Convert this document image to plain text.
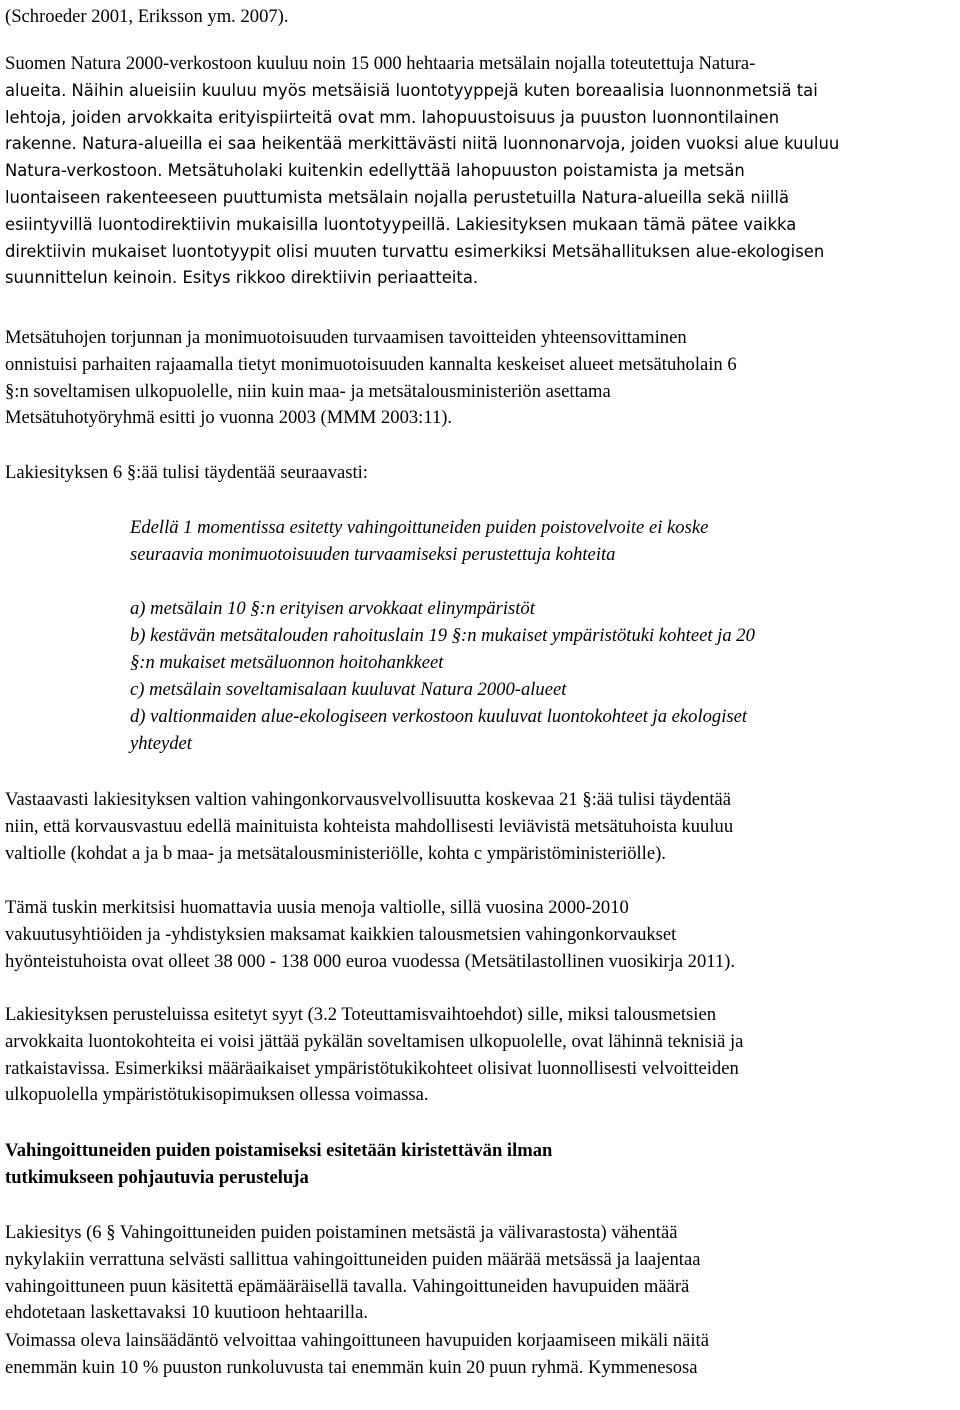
(Schroeder 2001, Eriksson ym. 2007).

Suomen Natura 2000-verkostoon kuuluu noin 15 000 hehtaaria metsälain nojalla toteutettuja Natura-
alueita. Näihin alueisiin kuuluu myös metsäisiä luontotyyppejä kuten boreaalisia luonnonmetsiä tai
lehtoja, joiden arvokkaita erityispiirteitä ovat mm. lahopuustoisuus ja puuston luonnontilainen
rakenne. Natura-alueilla ei saa heikentää merkittävästi niitä luonnonarvoja, joiden vuoksi alue kuuluu
Natura-verkostoon. Metsätuholaki kuitenkin edellyttää lahopuuston poistamista ja metsän
luontaiseen rakenteeseen puuttumista metsälain nojalla perustetuilla Natura-alueilla sekä niillä
esiintyvillä luontodirektiivin mukaisilla luontotyypeillä. Lakiesityksen mukaan tämä pätee vaikka
direktiivin mukaiset luontotyypit olisi muuten turvattu esimerkiksi Metsähallituksen alue-ekologisen
suunnittelun keinoin. Esitys rikkoo direktiivin periaatteita.

Metsätuhojen torjunnan ja monimuotoisuuden turvaamisen tavoitteiden yhteensovittaminen
onnistuisi parhaiten rajaamalla tietyt monimuotoisuuden kannalta keskeiset alueet metsätuholain 6
§:n soveltamisen ulkopuolelle, niin kuin maa- ja metsätalousministeriön asettama
Metsätuhotyöryhmä esitti jo vuonna 2003 (MMM 2003:11).

Lakiesityksen 6 §:ää tulisi täydentää seuraavasti:

Edellä 1 momentissa esitetty vahingoittuneiden puiden poistovelvoite ei koske
seuraavia monimuotoisuuden turvaamiseksi perustettuja kohteita
a) metsälain 10 §:n erityisen arvokkaat elinympäristöt
b) kestävän metsätalouden rahoituslain 19 §:n mukaiset ympäristötuki kohteet ja 20
§:n mukaiset metsäluonnon hoitohankkeet
c) metsälain soveltamisalaan kuuluvat Natura 2000-alueet
d) valtionmaiden alue-ekologiseen verkostoon kuuluvat luontokohteet ja ekologiset
yhteydet

Vastaavasti lakiesityksen valtion vahingonkorvausvelvollisuutta koskevaa 21 §:ää tulisi täydentää
niin, että korvausvastuu edellä mainituista kohteista mahdollisesti leviävistä metsätuhoista kuuluu
valtiolle (kohdat a ja b maa- ja metsätalousministeriölle, kohta c ympäristöministeriölle).

Tämä tuskin merkitsisi huomattavia uusia menoja valtiolle, sillä vuosina 2000-2010
vakuutusyhtiöiden ja -yhdistyksien maksamat kaikkien talousmetsien vahingonkorvaukset
hyönteistuhoista ovat olleet 38 000 - 138 000 euroa vuodessa (Metsätilastollinen vuosikirja 2011).

Lakiesityksen perusteluissa esitetyt syyt (3.2 Toteuttamisvaihtoehdot) sille, miksi talousmetsien
arvokkaita luontokohteita ei voisi jättää pykälän soveltamisen ulkopuolelle, ovat lähinnä teknisiä ja
ratkaistavissa. Esimerkiksi määräaikaiset ympäristötukikohteet olisivat luonnollisesti velvoitteiden
ulkopuolella ympäristötukisopimuksen ollessa voimassa.

Vahingoittuneiden puiden poistamiseksi esitetään kiristettävän ilman
tutkimukseen pohjautuvia perusteluja

Lakiesitys (6 § Vahingoittuneiden puiden poistaminen metsästä ja välivarastosta) vähentää
nykylakiin verrattuna selvästi sallittua vahingoittuneiden puiden määrää metsässä ja laajentaa
vahingoittuneen puun käsitettä epämääräisellä tavalla. Vahingoittuneiden havupuiden määrä
ehdotetaan laskettavaksi 10 kuutioon hehtaarilla.

Voimassa oleva lainsäädäntö velvoittaa vahingoittuneen havupuiden korjaamiseen mikäli näitä
enemmän kuin 10 % puuston runkoluvusta tai enemmän kuin 20 puun ryhmä. Kymmenesosa
